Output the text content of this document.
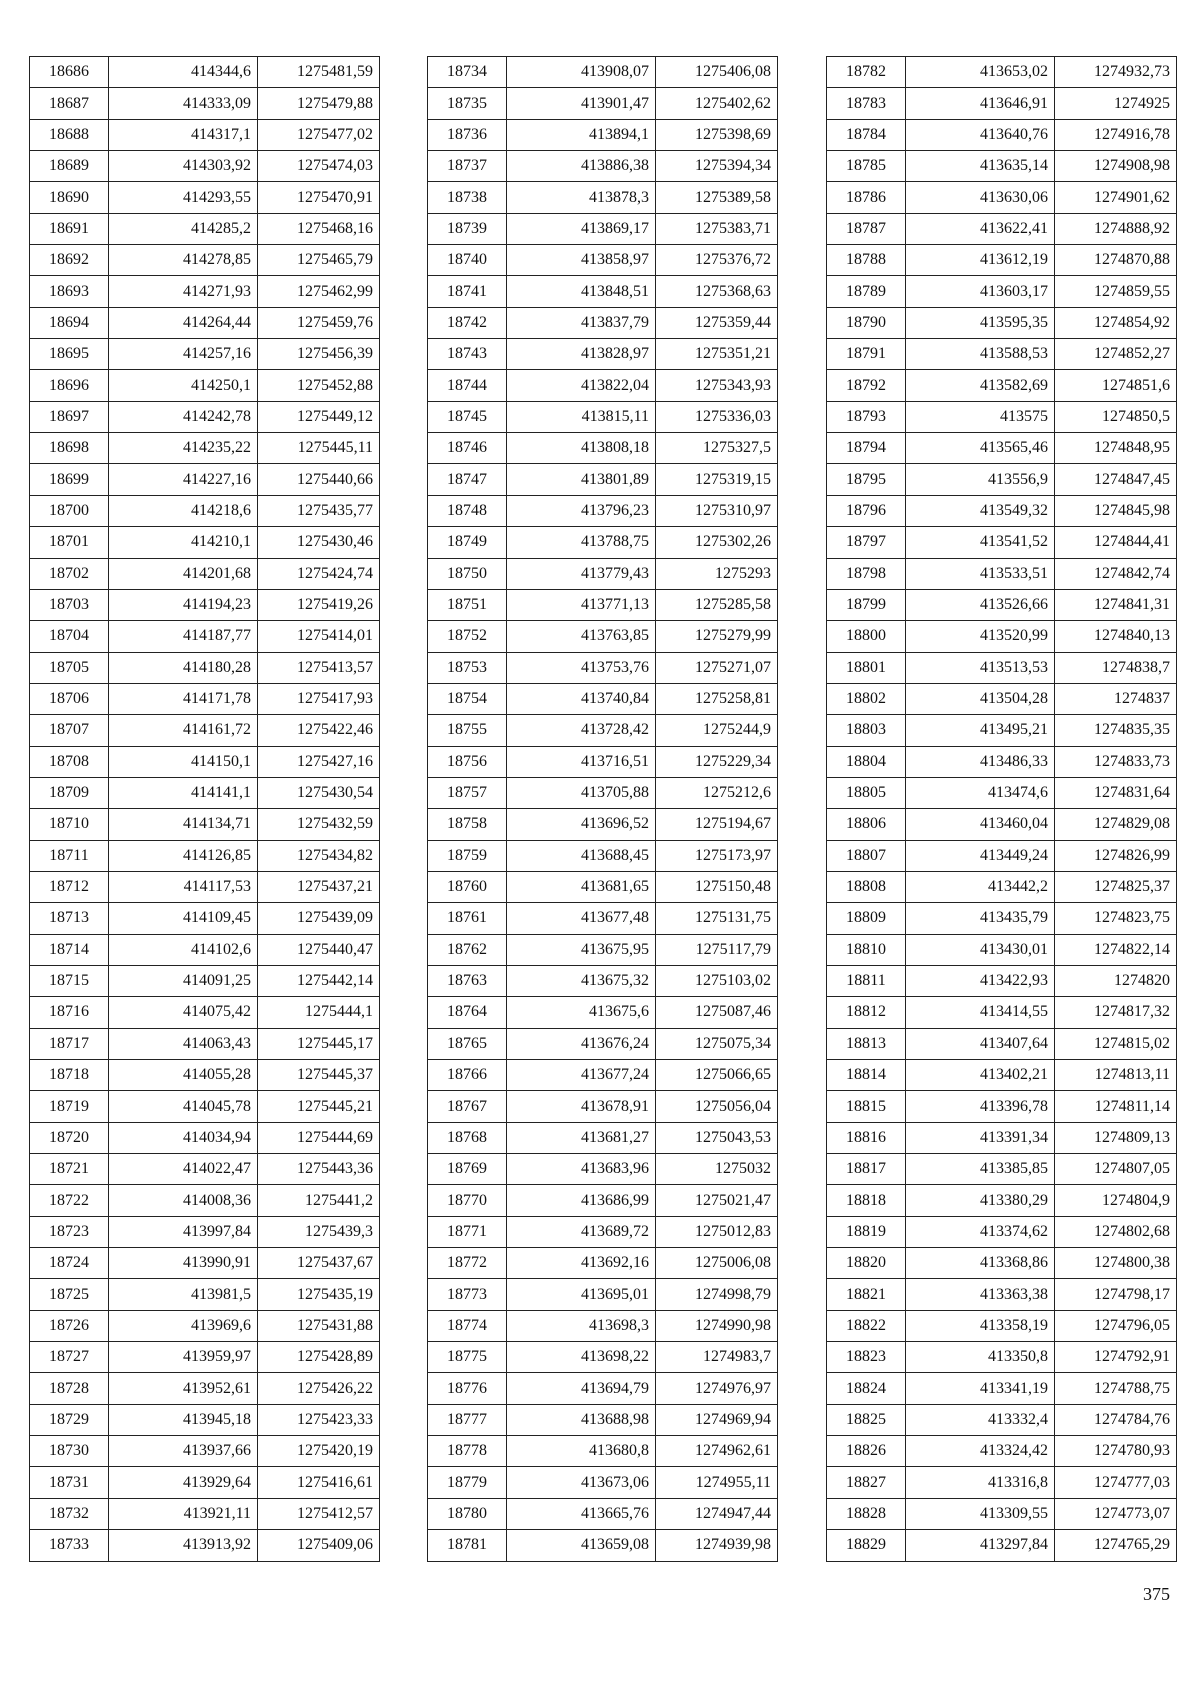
18686	414344,6	1275481,59
18687	414333,09	1275479,88
18688	414317,1	1275477,02
18689	414303,92	1275474,03
18690	414293,55	1275470,91
18691	414285,2	1275468,16
18692	414278,85	1275465,79
18693	414271,93	1275462,99
18694	414264,44	1275459,76
18695	414257,16	1275456,39
18696	414250,1	1275452,88
18697	414242,78	1275449,12
18698	414235,22	1275445,11
18699	414227,16	1275440,66
18700	414218,6	1275435,77
18701	414210,1	1275430,46
18702	414201,68	1275424,74
18703	414194,23	1275419,26
18704	414187,77	1275414,01
18705	414180,28	1275413,57
18706	414171,78	1275417,93
18707	414161,72	1275422,46
18708	414150,1	1275427,16
18709	414141,1	1275430,54
18710	414134,71	1275432,59
18711	414126,85	1275434,82
18712	414117,53	1275437,21
18713	414109,45	1275439,09
18714	414102,6	1275440,47
18715	414091,25	1275442,14
18716	414075,42	1275444,1
18717	414063,43	1275445,17
18718	414055,28	1275445,37
18719	414045,78	1275445,21
18720	414034,94	1275444,69
18721	414022,47	1275443,36
18722	414008,36	1275441,2
18723	413997,84	1275439,3
18724	413990,91	1275437,67
18725	413981,5	1275435,19
18726	413969,6	1275431,88
18727	413959,97	1275428,89
18728	413952,61	1275426,22
18729	413945,18	1275423,33
18730	413937,66	1275420,19
18731	413929,64	1275416,61
18732	413921,11	1275412,57
18733	413913,92	1275409,06
18734	413908,07	1275406,08
18735	413901,47	1275402,62
18736	413894,1	1275398,69
18737	413886,38	1275394,34
18738	413878,3	1275389,58
18739	413869,17	1275383,71
18740	413858,97	1275376,72
18741	413848,51	1275368,63
18742	413837,79	1275359,44
18743	413828,97	1275351,21
18744	413822,04	1275343,93
18745	413815,11	1275336,03
18746	413808,18	1275327,5
18747	413801,89	1275319,15
18748	413796,23	1275310,97
18749	413788,75	1275302,26
18750	413779,43	1275293
18751	413771,13	1275285,58
18752	413763,85	1275279,99
18753	413753,76	1275271,07
18754	413740,84	1275258,81
18755	413728,42	1275244,9
18756	413716,51	1275229,34
18757	413705,88	1275212,6
18758	413696,52	1275194,67
18759	413688,45	1275173,97
18760	413681,65	1275150,48
18761	413677,48	1275131,75
18762	413675,95	1275117,79
18763	413675,32	1275103,02
18764	413675,6	1275087,46
18765	413676,24	1275075,34
18766	413677,24	1275066,65
18767	413678,91	1275056,04
18768	413681,27	1275043,53
18769	413683,96	1275032
18770	413686,99	1275021,47
18771	413689,72	1275012,83
18772	413692,16	1275006,08
18773	413695,01	1274998,79
18774	413698,3	1274990,98
18775	413698,22	1274983,7
18776	413694,79	1274976,97
18777	413688,98	1274969,94
18778	413680,8	1274962,61
18779	413673,06	1274955,11
18780	413665,76	1274947,44
18781	413659,08	1274939,98
18782	413653,02	1274932,73
18783	413646,91	1274925
18784	413640,76	1274916,78
18785	413635,14	1274908,98
18786	413630,06	1274901,62
18787	413622,41	1274888,92
18788	413612,19	1274870,88
18789	413603,17	1274859,55
18790	413595,35	1274854,92
18791	413588,53	1274852,27
18792	413582,69	1274851,6
18793	413575	1274850,5
18794	413565,46	1274848,95
18795	413556,9	1274847,45
18796	413549,32	1274845,98
18797	413541,52	1274844,41
18798	413533,51	1274842,74
18799	413526,66	1274841,31
18800	413520,99	1274840,13
18801	413513,53	1274838,7
18802	413504,28	1274837
18803	413495,21	1274835,35
18804	413486,33	1274833,73
18805	413474,6	1274831,64
18806	413460,04	1274829,08
18807	413449,24	1274826,99
18808	413442,2	1274825,37
18809	413435,79	1274823,75
18810	413430,01	1274822,14
18811	413422,93	1274820
18812	413414,55	1274817,32
18813	413407,64	1274815,02
18814	413402,21	1274813,11
18815	413396,78	1274811,14
18816	413391,34	1274809,13
18817	413385,85	1274807,05
18818	413380,29	1274804,9
18819	413374,62	1274802,68
18820	413368,86	1274800,38
18821	413363,38	1274798,17
18822	413358,19	1274796,05
18823	413350,8	1274792,91
18824	413341,19	1274788,75
18825	413332,4	1274784,76
18826	413324,42	1274780,93
18827	413316,8	1274777,03
18828	413309,55	1274773,07
18829	413297,84	1274765,29
375
